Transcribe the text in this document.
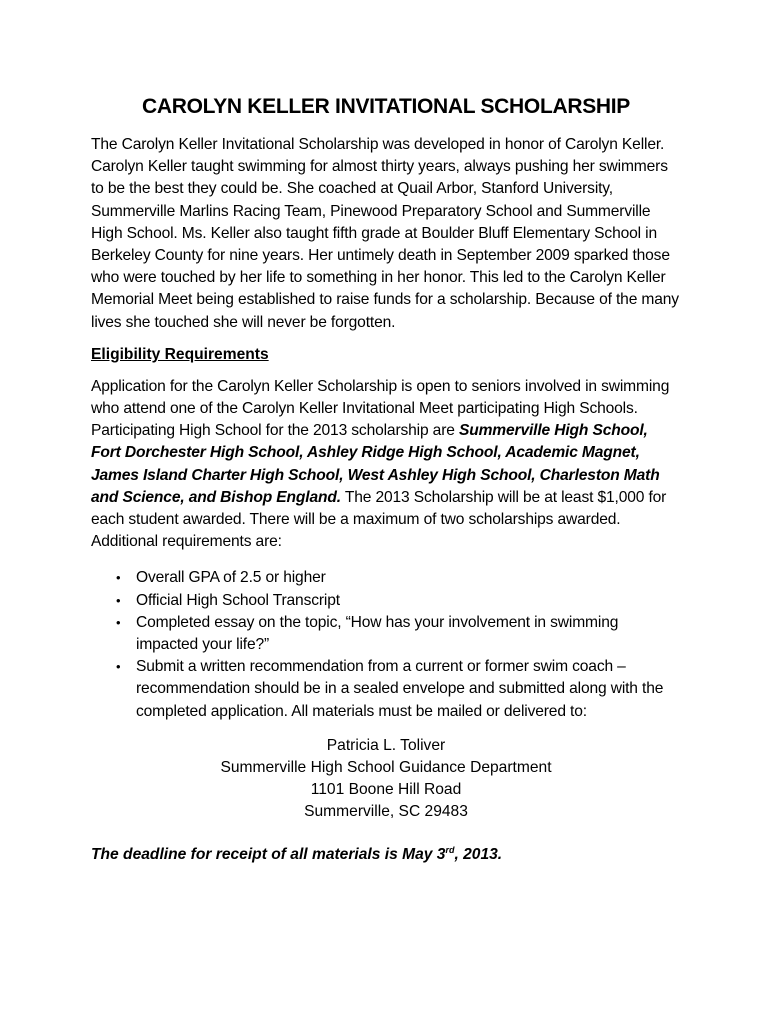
CAROLYN KELLER INVITATIONAL SCHOLARSHIP

The Carolyn Keller Invitational Scholarship was developed in honor of Carolyn Keller. Carolyn Keller taught swimming for almost thirty years, always pushing her swimmers to be the best they could be. She coached at Quail Arbor, Stanford University, Summerville Marlins Racing Team, Pinewood Preparatory School and Summerville High School. Ms. Keller also taught fifth grade at Boulder Bluff Elementary School in Berkeley County for nine years. Her untimely death in September 2009 sparked those who were touched by her life to something in her honor. This led to the Carolyn Keller Memorial Meet being established to raise funds for a scholarship. Because of the many lives she touched she will never be forgotten.

Eligibility Requirements

Application for the Carolyn Keller Scholarship is open to seniors involved in swimming who attend one of the Carolyn Keller Invitational Meet participating High Schools. Participating High School for the 2013 scholarship are Summerville High School, Fort Dorchester High School, Ashley Ridge High School, Academic Magnet, James Island Charter High School, West Ashley High School, Charleston Math and Science, and Bishop England. The 2013 Scholarship will be at least $1,000 for each student awarded. There will be a maximum of two scholarships awarded. Additional requirements are:

• Overall GPA of 2.5 or higher
• Official High School Transcript
• Completed essay on the topic, “How has your involvement in swimming impacted your life?”
• Submit a written recommendation from a current or former swim coach – recommendation should be in a sealed envelope and submitted along with the completed application. All materials must be mailed or delivered to:
Patricia L. Toliver
Summerville High School Guidance Department
1101 Boone Hill Road
Summerville, SC 29483

The deadline for receipt of all materials is May 3rd, 2013.
